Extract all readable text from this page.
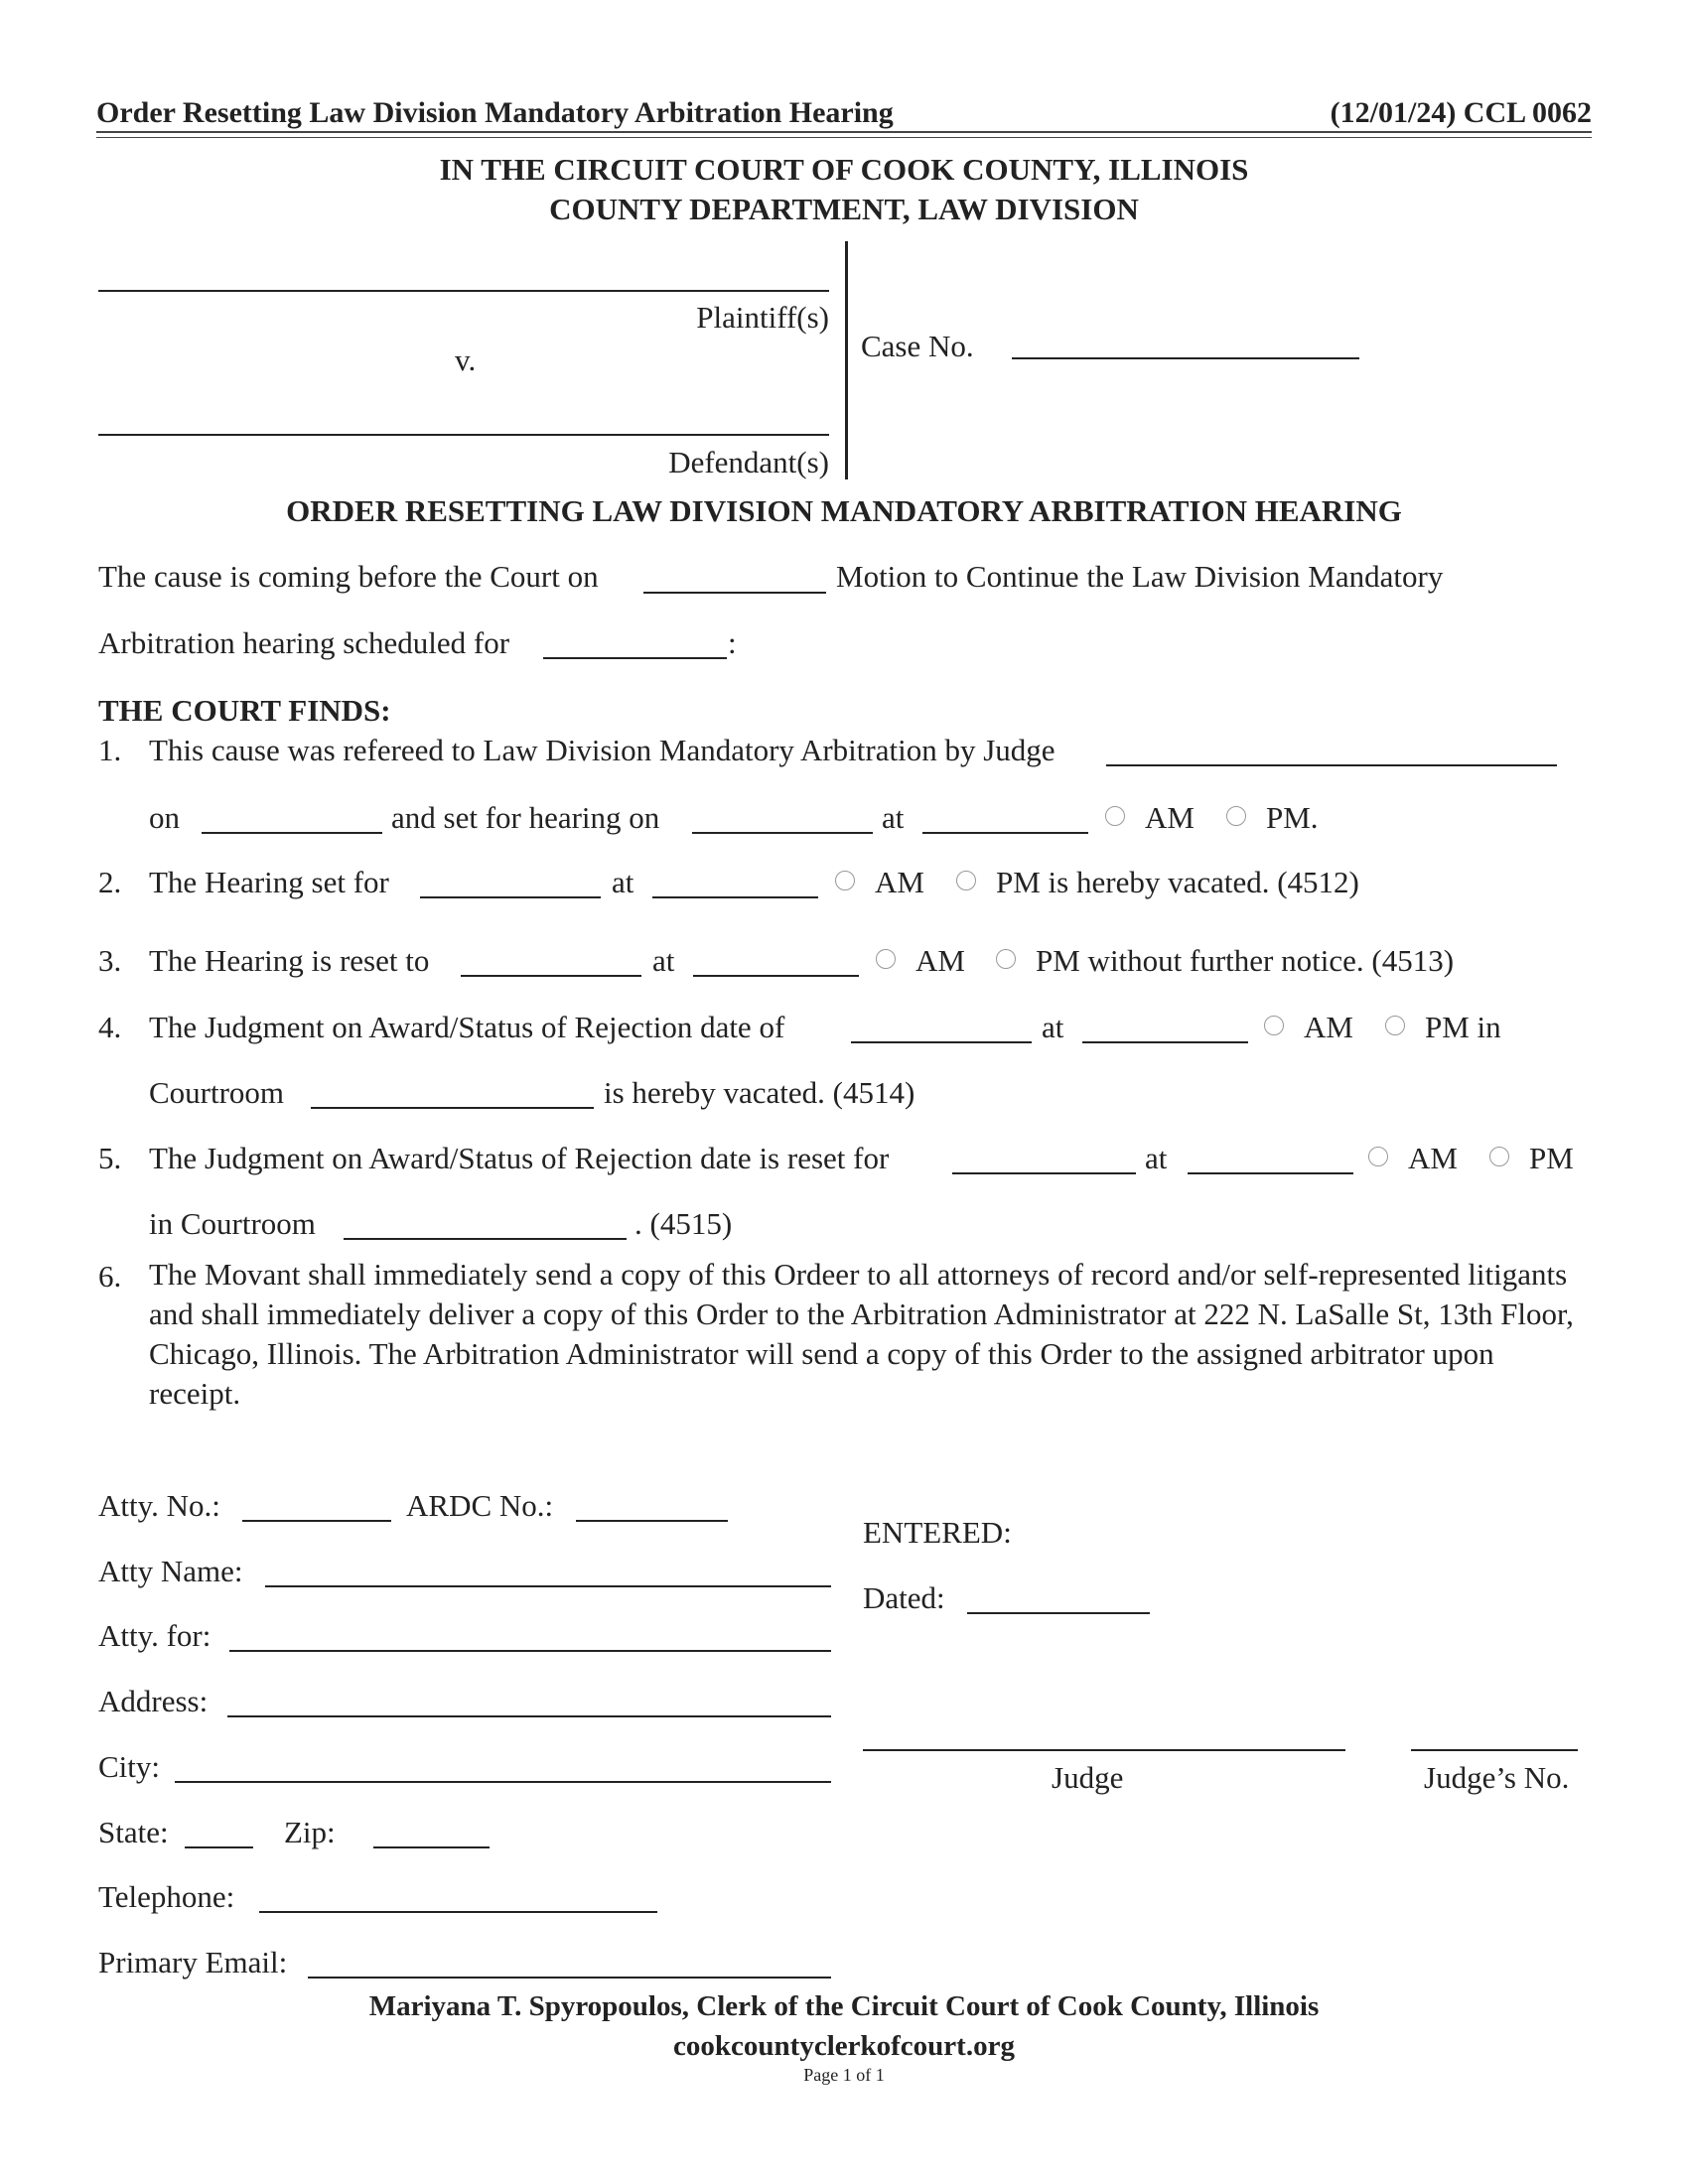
Order Resetting Law Division Mandatory Arbitration Hearing	(12/01/24) CCL 0062
IN THE CIRCUIT COURT OF COOK COUNTY, ILLINOIS
COUNTY DEPARTMENT, LAW DIVISION
Plaintiff(s)
v.
Defendant(s)
Case No.
ORDER RESETTING LAW DIVISION MANDATORY ARBITRATION HEARING
The cause is coming before the Court on	Motion to Continue the Law Division Mandatory
Arbitration hearing scheduled for	:
THE COURT FINDS:
1. This cause was refereed to Law Division Mandatory Arbitration by Judge
on	and set for hearing on	at	AM PM.
2. The Hearing set for	at	AM PM is hereby vacated. (4512)
3. The Hearing is reset to	at	AM PM without further notice. (4513)
4. The Judgment on Award/Status of Rejection date of	at	AM PM in
Courtroom	is hereby vacated. (4514)
5. The Judgment on Award/Status of Rejection date is reset for	at	AM PM
in Courtroom	. (4515)
6. The Movant shall immediately send a copy of this Ordeer to all attorneys of record and/or self-represented litigants and shall immediately deliver a copy of this Order to the Arbitration Administrator at 222 N. LaSalle St, 13th Floor, Chicago, Illinois. The Arbitration Administrator will send a copy of this Order to the assigned arbitrator upon receipt.
Atty. No.:	ARDC No.:
Atty Name:
Atty. for:
Address:
City:
State:	Zip:
Telephone:
Primary Email:
ENTERED:
Dated:
Judge	Judge’s No.
Mariyana T. Spyropoulos, Clerk of the Circuit Court of Cook County, Illinois
cookcountyclerkofcourt.org
Page 1 of 1
